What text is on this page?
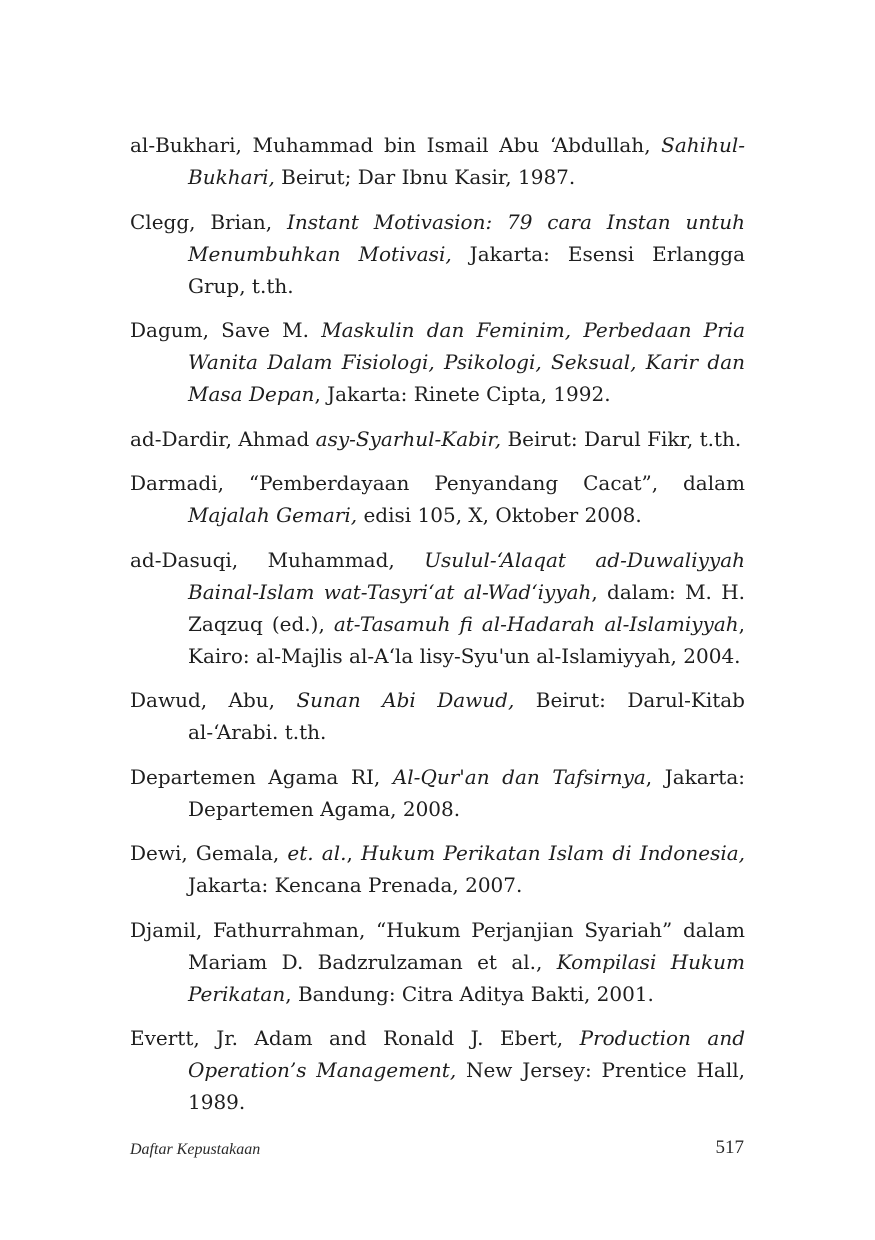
al-Bukhari, Muhammad bin Ismail Abu ‘Abdullah, Sahihul-Bukhari, Beirut; Dar Ibnu Kasir, 1987.

Clegg, Brian, Instant Motivasion: 79 cara Instan untuh Menumbuhkan Motivasi, Jakarta: Esensi Erlangga Grup, t.th.

Dagum, Save M. Maskulin dan Feminim, Perbedaan Pria Wanita Dalam Fisiologi, Psikologi, Seksual, Karir dan Masa Depan, Jakarta: Rinete Cipta, 1992.

ad-Dardir, Ahmad asy-Syarhul-Kabir, Beirut: Darul Fikr, t.th.

Darmadi, “Pemberdayaan Penyandang Cacat”, dalam Majalah Gemari, edisi 105, X, Oktober 2008.

ad-Dasuqi, Muhammad, Usulul-‘Alaqat ad-Duwaliyyah Bainal-Islam wat-Tasyri‘at al-Wad‘iyyah, dalam: M. H. Zaqzuq (ed.), at-Tasamuh fi al-Hadarah al-Islamiyyah, Kairo: al-Majlis al-A‘la lisy-Syu'un al-Islamiyyah, 2004.

Dawud, Abu, Sunan Abi Dawud, Beirut: Darul-Kitab al-‘Arabi. t.th.

Departemen Agama RI, Al-Qur'an dan Tafsirnya, Jakarta: Departemen Agama, 2008.

Dewi, Gemala, et. al., Hukum Perikatan Islam di Indonesia, Jakarta: Kencana Prenada, 2007.

Djamil, Fathurrahman, “Hukum Perjanjian Syariah” dalam Mariam D. Badzrulzaman et al., Kompilasi Hukum Perikatan, Bandung: Citra Aditya Bakti, 2001.

Evertt, Jr. Adam and Ronald J. Ebert, Production and Operation’s Management, New Jersey: Prentice Hall, 1989.

Daftar Kepustakaan	517
